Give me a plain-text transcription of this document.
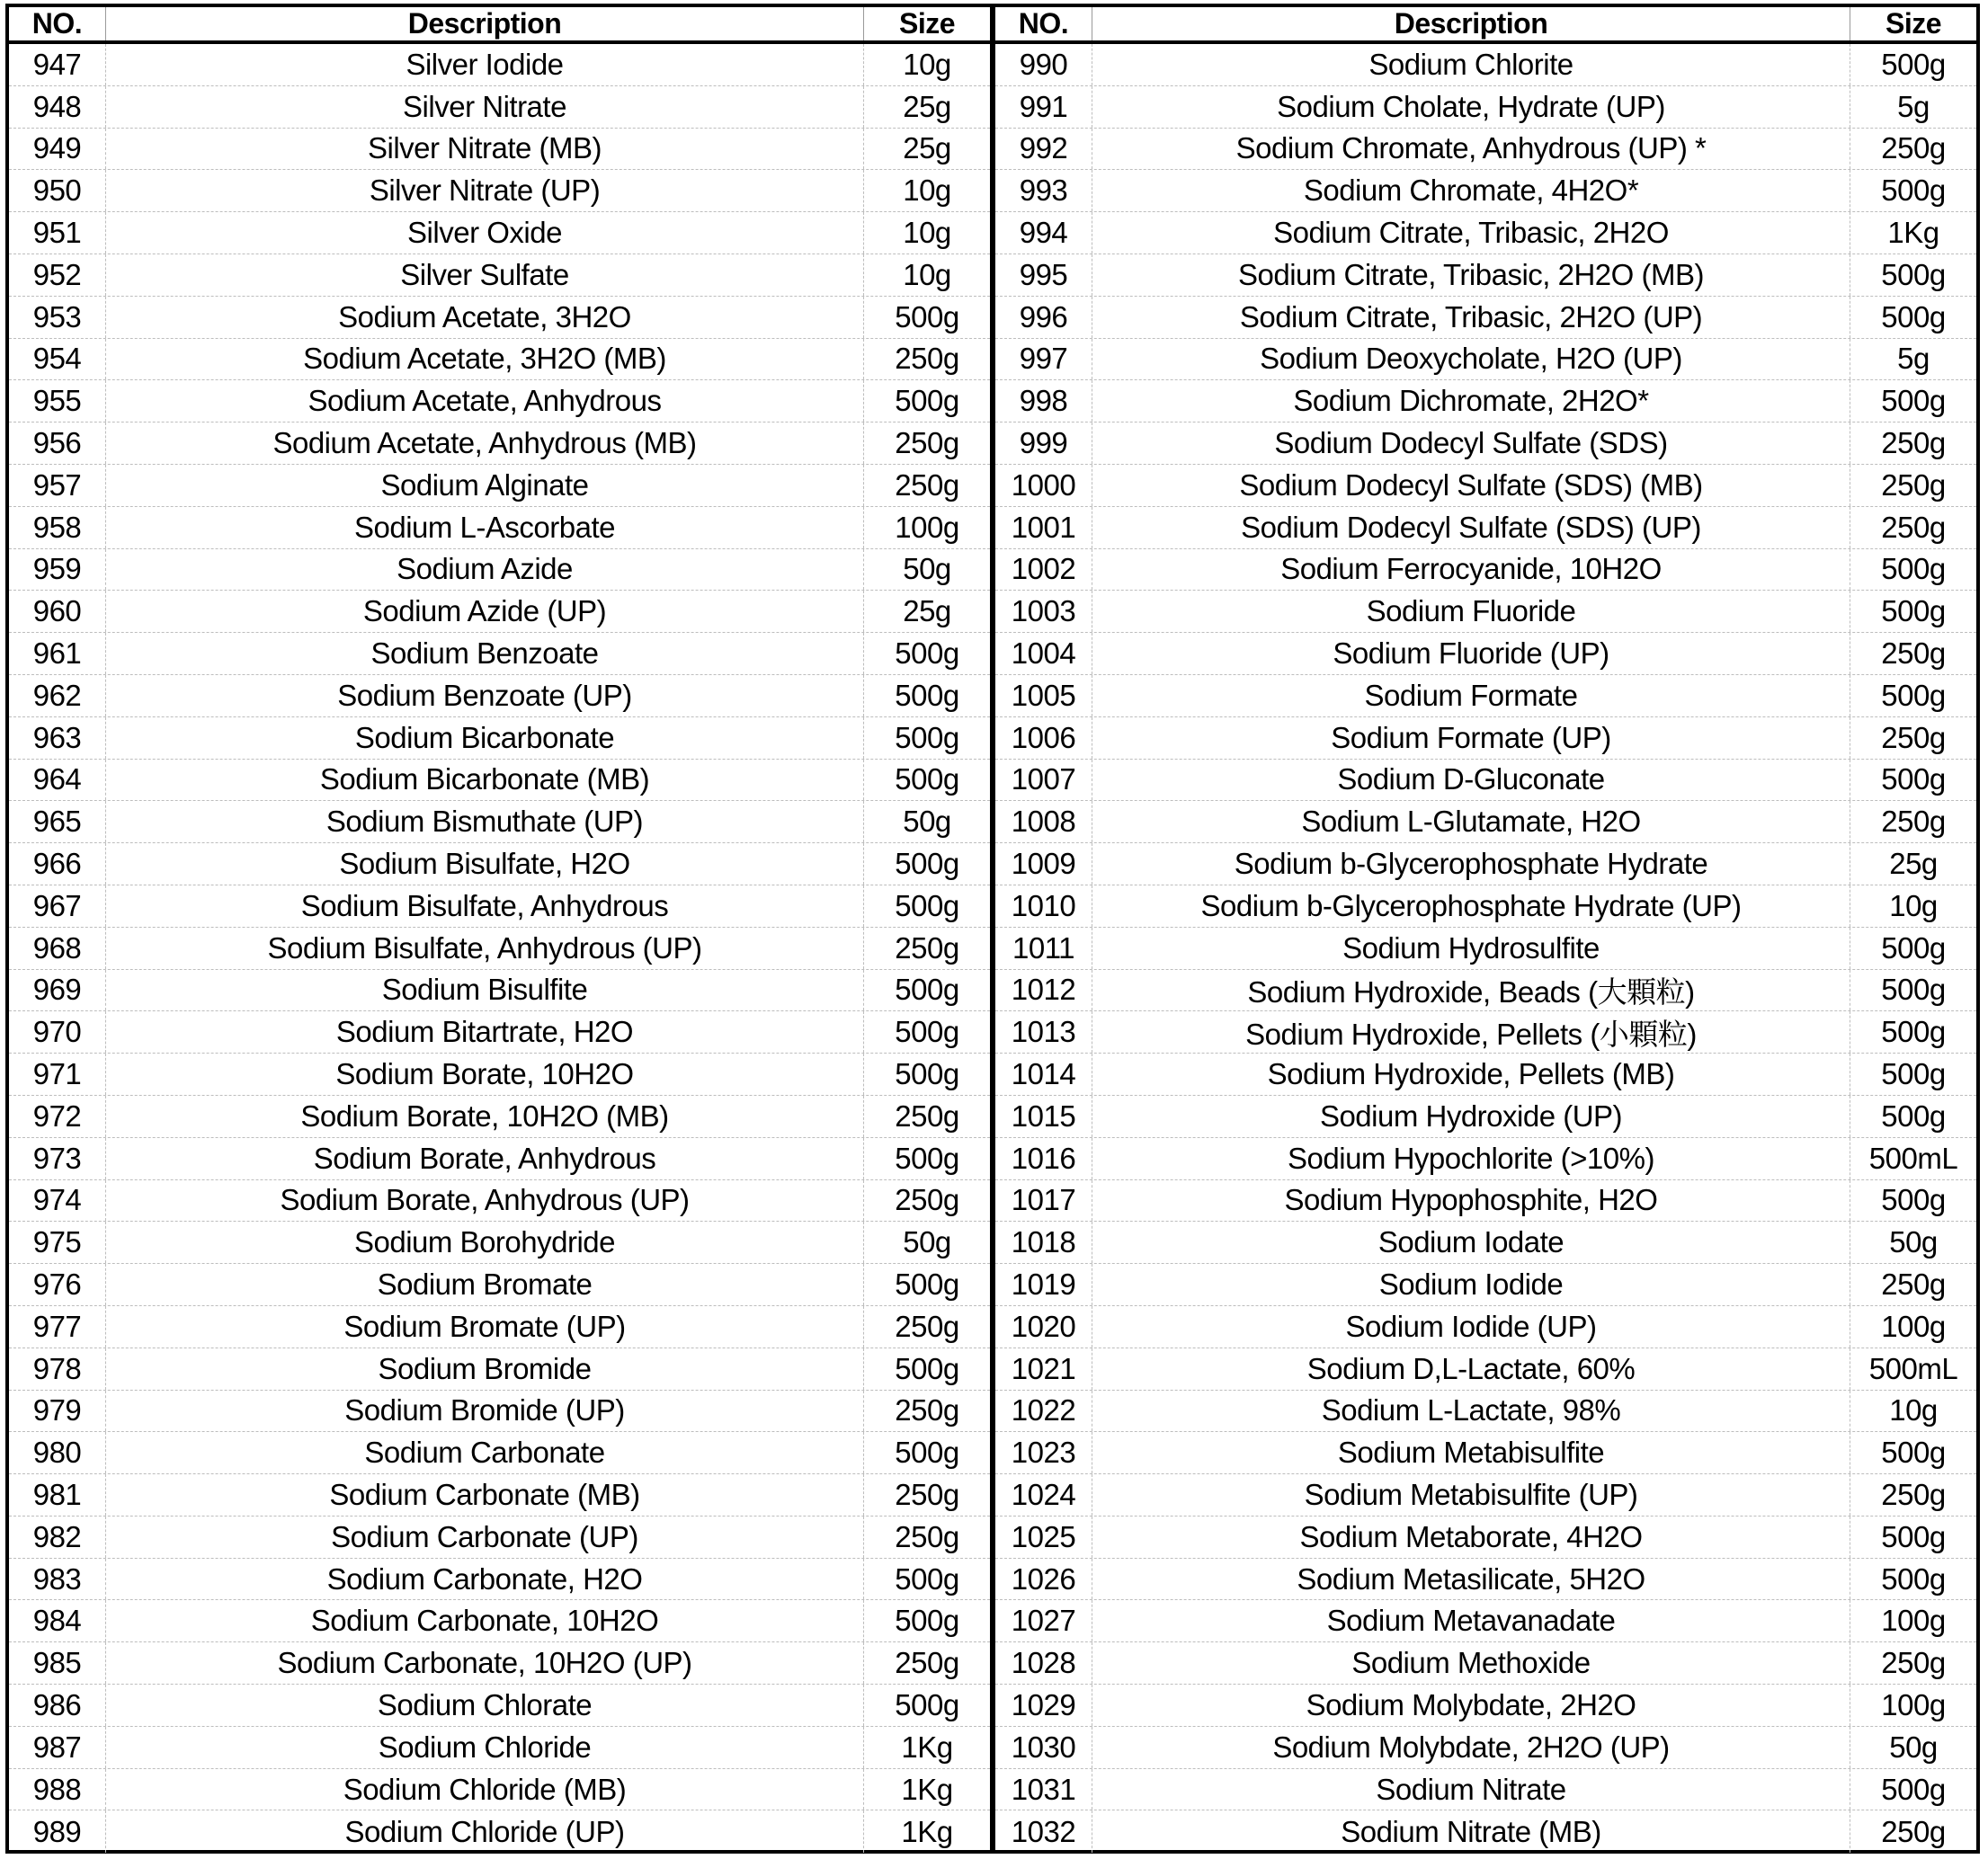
NO.	Description	Size
947	Silver Iodide	10g
948	Silver Nitrate	25g
949	Silver Nitrate (MB)	25g
950	Silver Nitrate (UP)	10g
951	Silver Oxide	10g
952	Silver Sulfate	10g
953	Sodium Acetate, 3H2O	500g
954	Sodium Acetate, 3H2O (MB)	250g
955	Sodium Acetate, Anhydrous	500g
956	Sodium Acetate, Anhydrous (MB)	250g
957	Sodium Alginate	250g
958	Sodium L-Ascorbate	100g
959	Sodium Azide	50g
960	Sodium Azide (UP)	25g
961	Sodium Benzoate	500g
962	Sodium Benzoate (UP)	500g
963	Sodium Bicarbonate	500g
964	Sodium Bicarbonate (MB)	500g
965	Sodium Bismuthate (UP)	50g
966	Sodium Bisulfate, H2O	500g
967	Sodium Bisulfate, Anhydrous	500g
968	Sodium Bisulfate, Anhydrous (UP)	250g
969	Sodium Bisulfite	500g
970	Sodium Bitartrate, H2O	500g
971	Sodium Borate, 10H2O	500g
972	Sodium Borate, 10H2O (MB)	250g
973	Sodium Borate, Anhydrous	500g
974	Sodium Borate, Anhydrous (UP)	250g
975	Sodium Borohydride	50g
976	Sodium Bromate	500g
977	Sodium Bromate (UP)	250g
978	Sodium Bromide	500g
979	Sodium Bromide (UP)	250g
980	Sodium Carbonate	500g
981	Sodium Carbonate (MB)	250g
982	Sodium Carbonate (UP)	250g
983	Sodium Carbonate, H2O	500g
984	Sodium Carbonate, 10H2O	500g
985	Sodium Carbonate, 10H2O (UP)	250g
986	Sodium Chlorate	500g
987	Sodium Chloride	1Kg
988	Sodium Chloride (MB)	1Kg
989	Sodium Chloride (UP)	1Kg
NO.	Description	Size
990	Sodium Chlorite	500g
991	Sodium Cholate, Hydrate (UP)	5g
992	Sodium Chromate, Anhydrous (UP) *	250g
993	Sodium Chromate, 4H2O*	500g
994	Sodium Citrate, Tribasic, 2H2O	1Kg
995	Sodium Citrate, Tribasic, 2H2O (MB)	500g
996	Sodium Citrate, Tribasic, 2H2O (UP)	500g
997	Sodium Deoxycholate, H2O (UP)	5g
998	Sodium Dichromate, 2H2O*	500g
999	Sodium Dodecyl Sulfate (SDS)	250g
1000	Sodium Dodecyl Sulfate (SDS) (MB)	250g
1001	Sodium Dodecyl Sulfate (SDS) (UP)	250g
1002	Sodium Ferrocyanide, 10H2O	500g
1003	Sodium Fluoride	500g
1004	Sodium Fluoride (UP)	250g
1005	Sodium Formate	500g
1006	Sodium Formate (UP)	250g
1007	Sodium D-Gluconate	500g
1008	Sodium L-Glutamate, H2O	250g
1009	Sodium b-Glycerophosphate Hydrate	25g
1010	Sodium b-Glycerophosphate Hydrate (UP)	10g
1011	Sodium Hydrosulfite	500g
1012	Sodium Hydroxide, Beads (大顆粒)	500g
1013	Sodium Hydroxide, Pellets (小顆粒)	500g
1014	Sodium Hydroxide, Pellets (MB)	500g
1015	Sodium Hydroxide (UP)	500g
1016	Sodium Hypochlorite (>10%)	500mL
1017	Sodium Hypophosphite, H2O	500g
1018	Sodium Iodate	50g
1019	Sodium Iodide	250g
1020	Sodium Iodide (UP)	100g
1021	Sodium D,L-Lactate, 60%	500mL
1022	Sodium L-Lactate, 98%	10g
1023	Sodium Metabisulfite	500g
1024	Sodium Metabisulfite (UP)	250g
1025	Sodium Metaborate, 4H2O	500g
1026	Sodium Metasilicate, 5H2O	500g
1027	Sodium Metavanadate	100g
1028	Sodium Methoxide	250g
1029	Sodium Molybdate, 2H2O	100g
1030	Sodium Molybdate, 2H2O (UP)	50g
1031	Sodium Nitrate	500g
1032	Sodium Nitrate (MB)	250g
